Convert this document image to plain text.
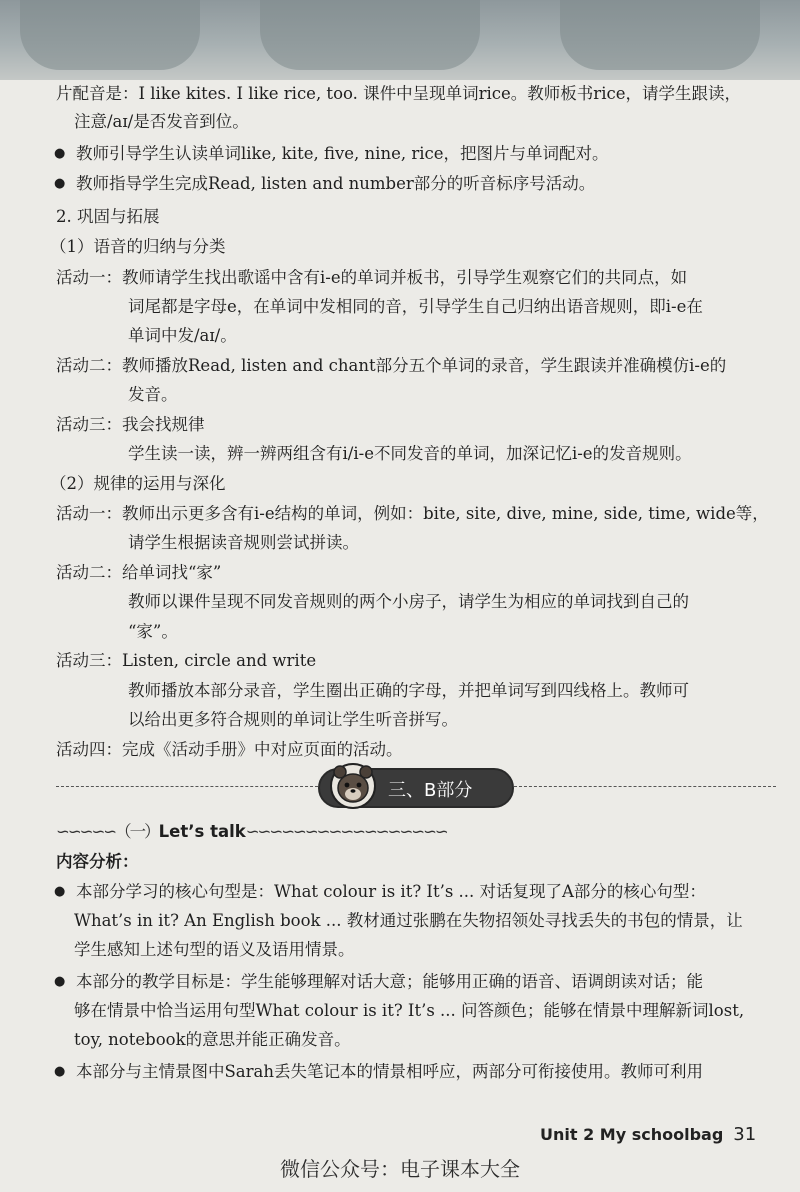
片配音是：I like kites. I like rice, too. 课件中呈现单词rice。教师板书rice，请学生跟读，
注意/aɪ/是否发音到位。
● 教师引导学生认读单词like, kite, five, nine, rice，把图片与单词配对。
● 教师指导学生完成Read, listen and number部分的听音标序号活动。
2. 巩固与拓展
（1）语音的归纳与分类
活动一：教师请学生找出歌谣中含有i-e的单词并板书，引导学生观察它们的共同点，如
词尾都是字母e，在单词中发相同的音，引导学生自己归纳出语音规则，即i-e在
单词中发/aɪ/。
活动二：教师播放Read, listen and chant部分五个单词的录音，学生跟读并准确模仿i-e的
发音。
活动三：我会找规律
学生读一读，辨一辨两组含有i/i-e不同发音的单词，加深记忆i-e的发音规则。
（2）规律的运用与深化
活动一：教师出示更多含有i-e结构的单词，例如：bite, site, dive, mine, side, time, wide等，
请学生根据读音规则尝试拼读。
活动二：给单词找“家”
教师以课件呈现不同发音规则的两个小房子，请学生为相应的单词找到自己的
“家”。
活动三：Listen, circle and write
教师播放本部分录音，学生圈出正确的字母，并把单词写到四线格上。教师可
以给出更多符合规则的单词让学生听音拼写。
活动四：完成《活动手册》中对应页面的活动。
三、B部分
∽∽∽∽∽（一）Let’s talk∽∽∽∽∽∽∽∽∽∽∽∽∽∽∽∽∽
内容分析：
● 本部分学习的核心句型是：What colour is it? It’s ... 对话复现了A部分的核心句型：
What’s in it? An English book ... 教材通过张鹏在失物招领处寻找丢失的书包的情景，让
学生感知上述句型的语义及语用情景。
● 本部分的教学目标是：学生能够理解对话大意；能够用正确的语音、语调朗读对话；能
够在情景中恰当运用句型What colour is it? It’s ... 问答颜色；能够在情景中理解新词lost,
toy, notebook的意思并能正确发音。
● 本部分与主情景图中Sarah丢失笔记本的情景相呼应，两部分可衔接使用。教师可利用
Unit 2 My schoolbag 31
微信公众号：电子课本大全
